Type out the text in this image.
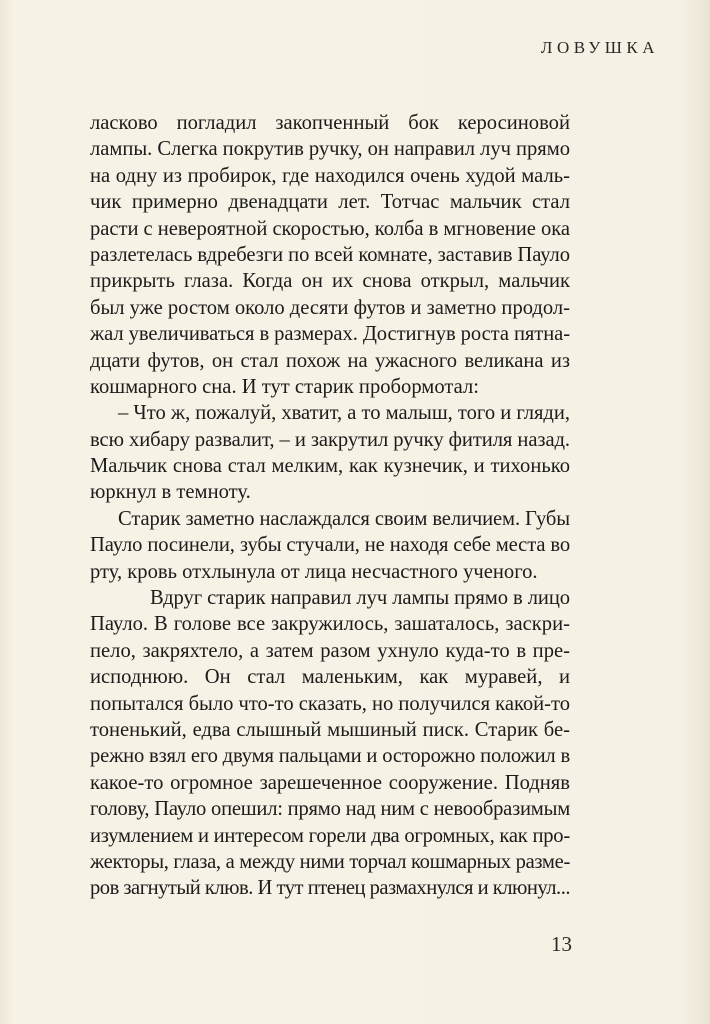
ЛОВУШКА

ласково погладил закопченный бок керосиновой
лампы. Слегка покрутив ручку, он направил луч прямо
на одну из пробирок, где находился очень худой маль-
чик примерно двенадцати лет. Тотчас мальчик стал
расти с невероятной скоростью, колба в мгновение ока
разлетелась вдребезги по всей комнате, заставив Пауло
прикрыть глаза. Когда он их снова открыл, мальчик
был уже ростом около десяти футов и заметно продол-
жал увеличиваться в размерах. Достигнув роста пятна-
дцати футов, он стал похож на ужасного великана из
кошмарного сна. И тут старик пробормотал:

– Что ж, пожалуй, хватит, а то малыш, того и гляди,
всю хибару развалит, – и закрутил ручку фитиля назад.
Мальчик снова стал мелким, как кузнечик, и тихонько
юркнул в темноту.

Старик заметно наслаждался своим величием. Губы
Пауло посинели, зубы стучали, не находя себе места во
рту, кровь отхлынула от лица несчастного ученого.

Вдруг старик направил луч лампы прямо в лицо
Пауло. В голове все закружилось, зашаталось, заскри-
пело, закряхтело, а затем разом ухнуло куда-то в пре-
исподнюю. Он стал маленьким, как муравей, и
попытался было что-то сказать, но получился какой-то
тоненький, едва слышный мышиный писк. Старик бе-
режно взял его двумя пальцами и осторожно положил в
какое-то огромное зарешеченное сооружение. Подняв
голову, Пауло опешил: прямо над ним с невообразимым
изумлением и интересом горели два огромных, как про-
жекторы, глаза, а между ними торчал кошмарных разме-
ров загнутый клюв. И тут птенец размахнулся и клюнул...

13
